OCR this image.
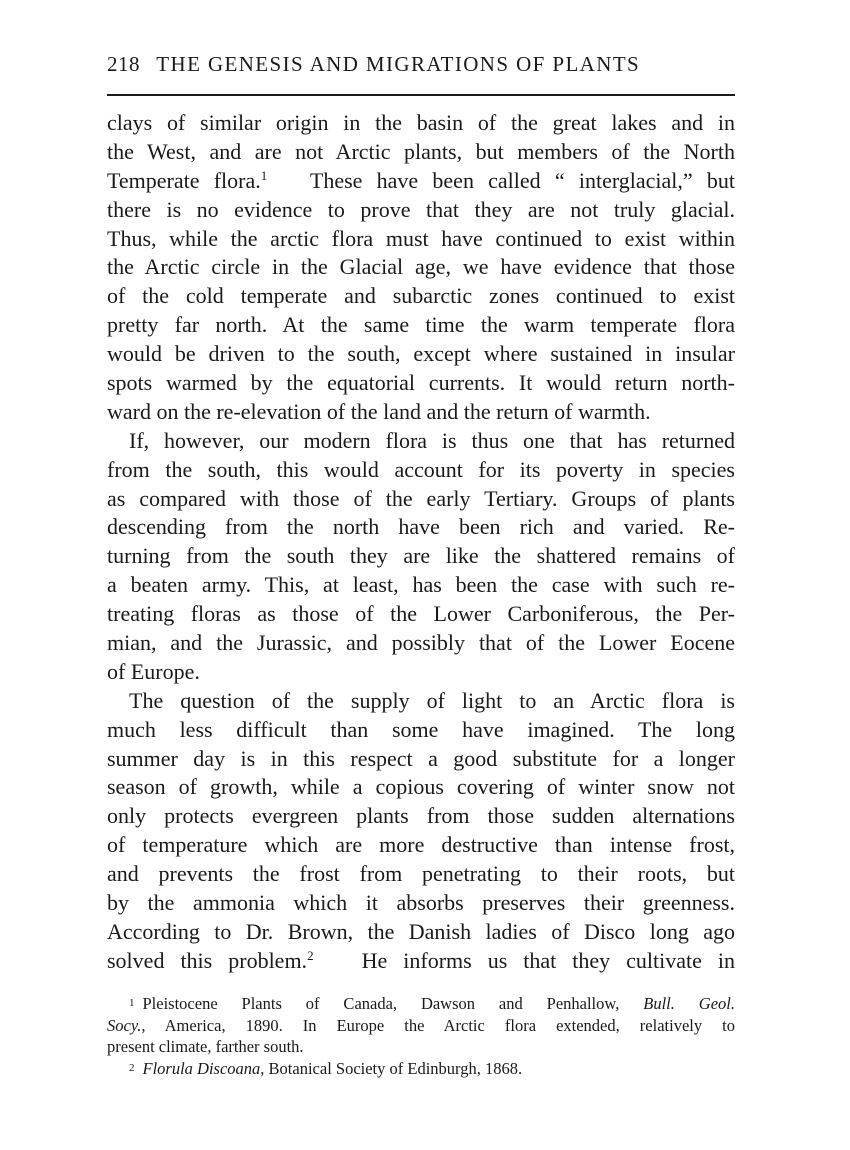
218 THE GENESIS AND MIGRATIONS OF PLANTS
clays of similar origin in the basin of the great lakes and in
the West, and are not Arctic plants, but members of the North
Temperate flora.$^1$ These have been called “ interglacial,” but
there is no evidence to prove that they are not truly glacial.
Thus, while the arctic flora must have continued to exist within
the Arctic circle in the Glacial age, we have evidence that those
of the cold temperate and subarctic zones continued to exist
pretty far north. At the same time the warm temperate flora
would be driven to the south, except where sustained in insular
spots warmed by the equatorial currents. It would return north-
ward on the re-elevation of the land and the return of warmth.
If, however, our modern flora is thus one that has returned
from the south, this would account for its poverty in species
as compared with those of the early Tertiary. Groups of plants
descending from the north have been rich and varied. Re-
turning from the south they are like the shattered remains of
a beaten army. This, at least, has been the case with such re-
treating floras as those of the Lower Carboniferous, the Per-
mian, and the Jurassic, and possibly that of the Lower Eocene
of Europe.
The question of the supply of light to an Arctic flora is
much less difficult than some have imagined. The long
summer day is in this respect a good substitute for a longer
season of growth, while a copious covering of winter snow not
only protects evergreen plants from those sudden alternations
of temperature which are more destructive than intense frost,
and prevents the frost from penetrating to their roots, but
by the ammonia which it absorbs preserves their greenness.
According to Dr. Brown, the Danish ladies of Disco long ago
solved this problem.$^2$ He informs us that they cultivate in
1 Pleistocene Plants of Canada, Dawson and Penhallow, Bull. Geol.
Socy., America, 1890. In Europe the Arctic flora extended, relatively to
present climate, farther south.
2 Florula Discoana, Botanical Society of Edinburgh, 1868.
